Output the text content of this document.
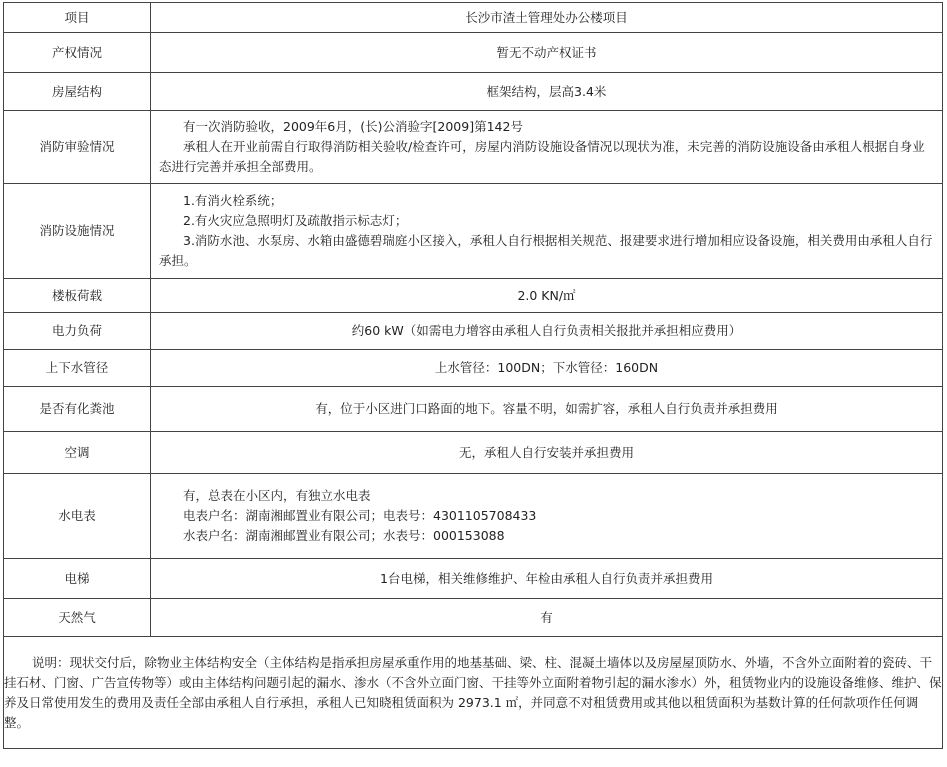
项目	长沙市渣土管理处办公楼项目
产权情况	暂无不动产权证书
房屋结构	框架结构，层高3.4米
消防审验情况	有一次消防验收，2009年6月，(长)公消验字[2009]第142号
承租人在开业前需自行取得消防相关验收/检查许可，房屋内消防设施设备情况以现状为准，未完善的消防设施设备由承租人根据自身业态进行完善并承担全部费用。

消防设施情况	1.有消火栓系统；
2.有火灾应急照明灯及疏散指示标志灯；
3.消防水池、水泵房、水箱由盛德碧瑞庭小区接入，承租人自行根据相关规范、报建要求进行增加相应设备设施，相关费用由承租人自行承担。

楼板荷载	2.0 KN/㎡
电力负荷	约60 kW（如需电力增容由承租人自行负责相关报批并承担相应费用）
上下水管径	上水管径：100DN；下水管径：160DN
是否有化粪池	有，位于小区进门口路面的地下。容量不明，如需扩容，承租人自行负责并承担费用
空调	无，承租人自行安装并承担费用
水电表	有，总表在小区内，有独立水电表
电表户名：湖南湘邮置业有限公司；电表号：4301105708433
水表户名：湖南湘邮置业有限公司；水表号：000153088

电梯	1台电梯，相关维修维护、年检由承租人自行负责并承担费用
天然气	有

说明：现状交付后，除物业主体结构安全（主体结构是指承担房屋承重作用的地基基础、梁、柱、混凝土墙体以及房屋屋顶防水、外墙，不含外立面附着的瓷砖、干挂石材、门窗、广告宣传物等）或由主体结构问题引起的漏水、渗水（不含外立面门窗、干挂等外立面附着物引起的漏水渗水）外，租赁物业内的设施设备维修、维护、保养及日常使用发生的费用及责任全部由承租人自行承担，承租人已知晓租赁面积为 2973.1 ㎡，并同意不对租赁费用或其他以租赁面积为基数计算的任何款项作任何调整。	
